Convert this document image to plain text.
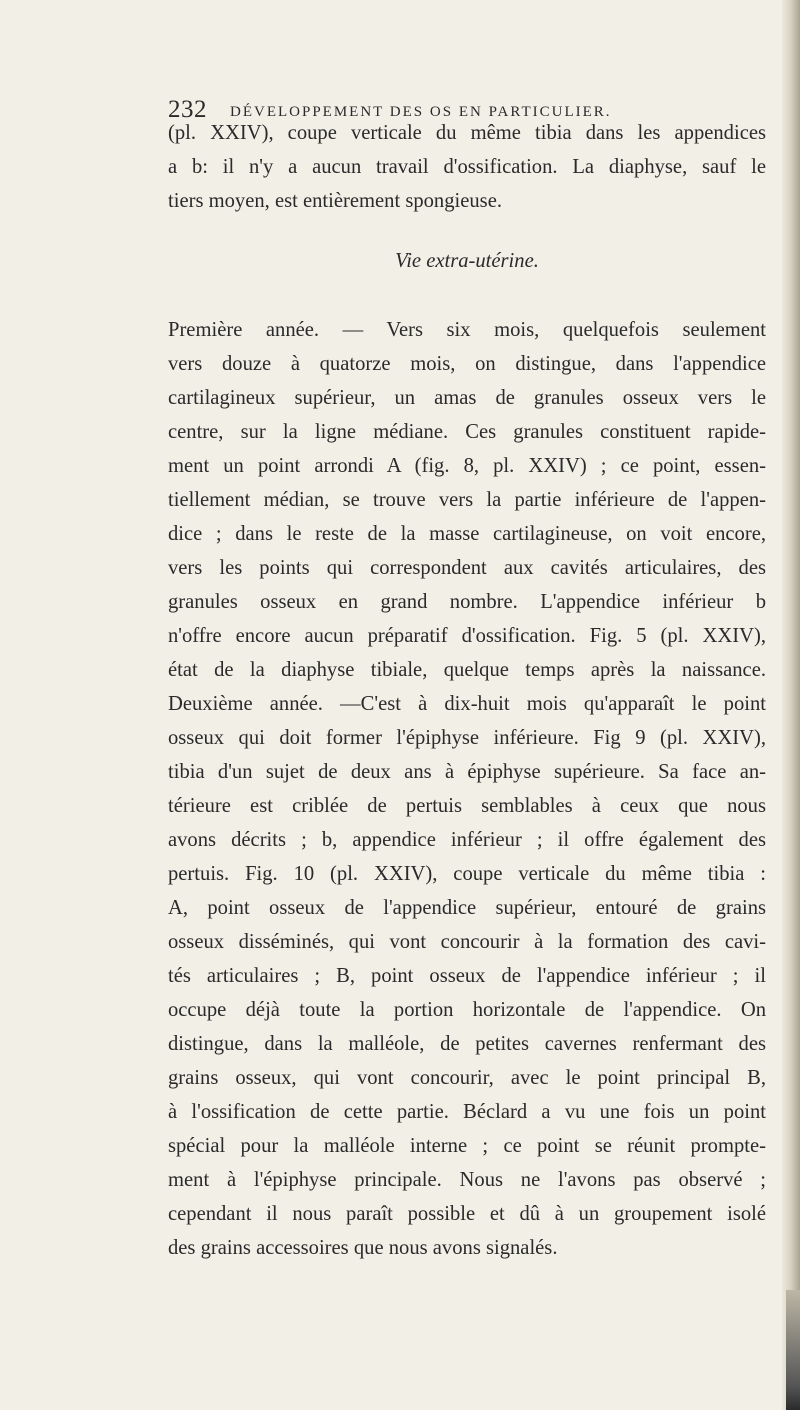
232 DÉVELOPPEMENT DES OS EN PARTICULIER.
(pl. XXIV), coupe verticale du même tibia dans les appendices
a b: il n'y a aucun travail d'ossification. La diaphyse, sauf le
tiers moyen, est entièrement spongieuse.
Vie extra-utérine.
Première année. — Vers six mois, quelquefois seulement
vers douze à quatorze mois, on distingue, dans l'appendice
cartilagineux supérieur, un amas de granules osseux vers le
centre, sur la ligne médiane. Ces granules constituent rapide-
ment un point arrondi A (fig. 8, pl. XXIV) ; ce point, essen-
tiellement médian, se trouve vers la partie inférieure de l'appen-
dice ; dans le reste de la masse cartilagineuse, on voit encore,
vers les points qui correspondent aux cavités articulaires, des
granules osseux en grand nombre. L'appendice inférieur b
n'offre encore aucun préparatif d'ossification. Fig. 5 (pl. XXIV),
état de la diaphyse tibiale, quelque temps après la naissance.
Deuxième année. —C'est à dix-huit mois qu'apparaît le point
osseux qui doit former l'épiphyse inférieure. Fig 9 (pl. XXIV),
tibia d'un sujet de deux ans à épiphyse supérieure. Sa face an-
térieure est criblée de pertuis semblables à ceux que nous
avons décrits ; b, appendice inférieur ; il offre également des
pertuis. Fig. 10 (pl. XXIV), coupe verticale du même tibia :
A, point osseux de l'appendice supérieur, entouré de grains
osseux disséminés, qui vont concourir à la formation des cavi-
tés articulaires ; B, point osseux de l'appendice inférieur ; il
occupe déjà toute la portion horizontale de l'appendice. On
distingue, dans la malléole, de petites cavernes renfermant des
grains osseux, qui vont concourir, avec le point principal B,
à l'ossification de cette partie. Béclard a vu une fois un point
spécial pour la malléole interne ; ce point se réunit prompte-
ment à l'épiphyse principale. Nous ne l'avons pas observé ;
cependant il nous paraît possible et dû à un groupement isolé
des grains accessoires que nous avons signalés.
